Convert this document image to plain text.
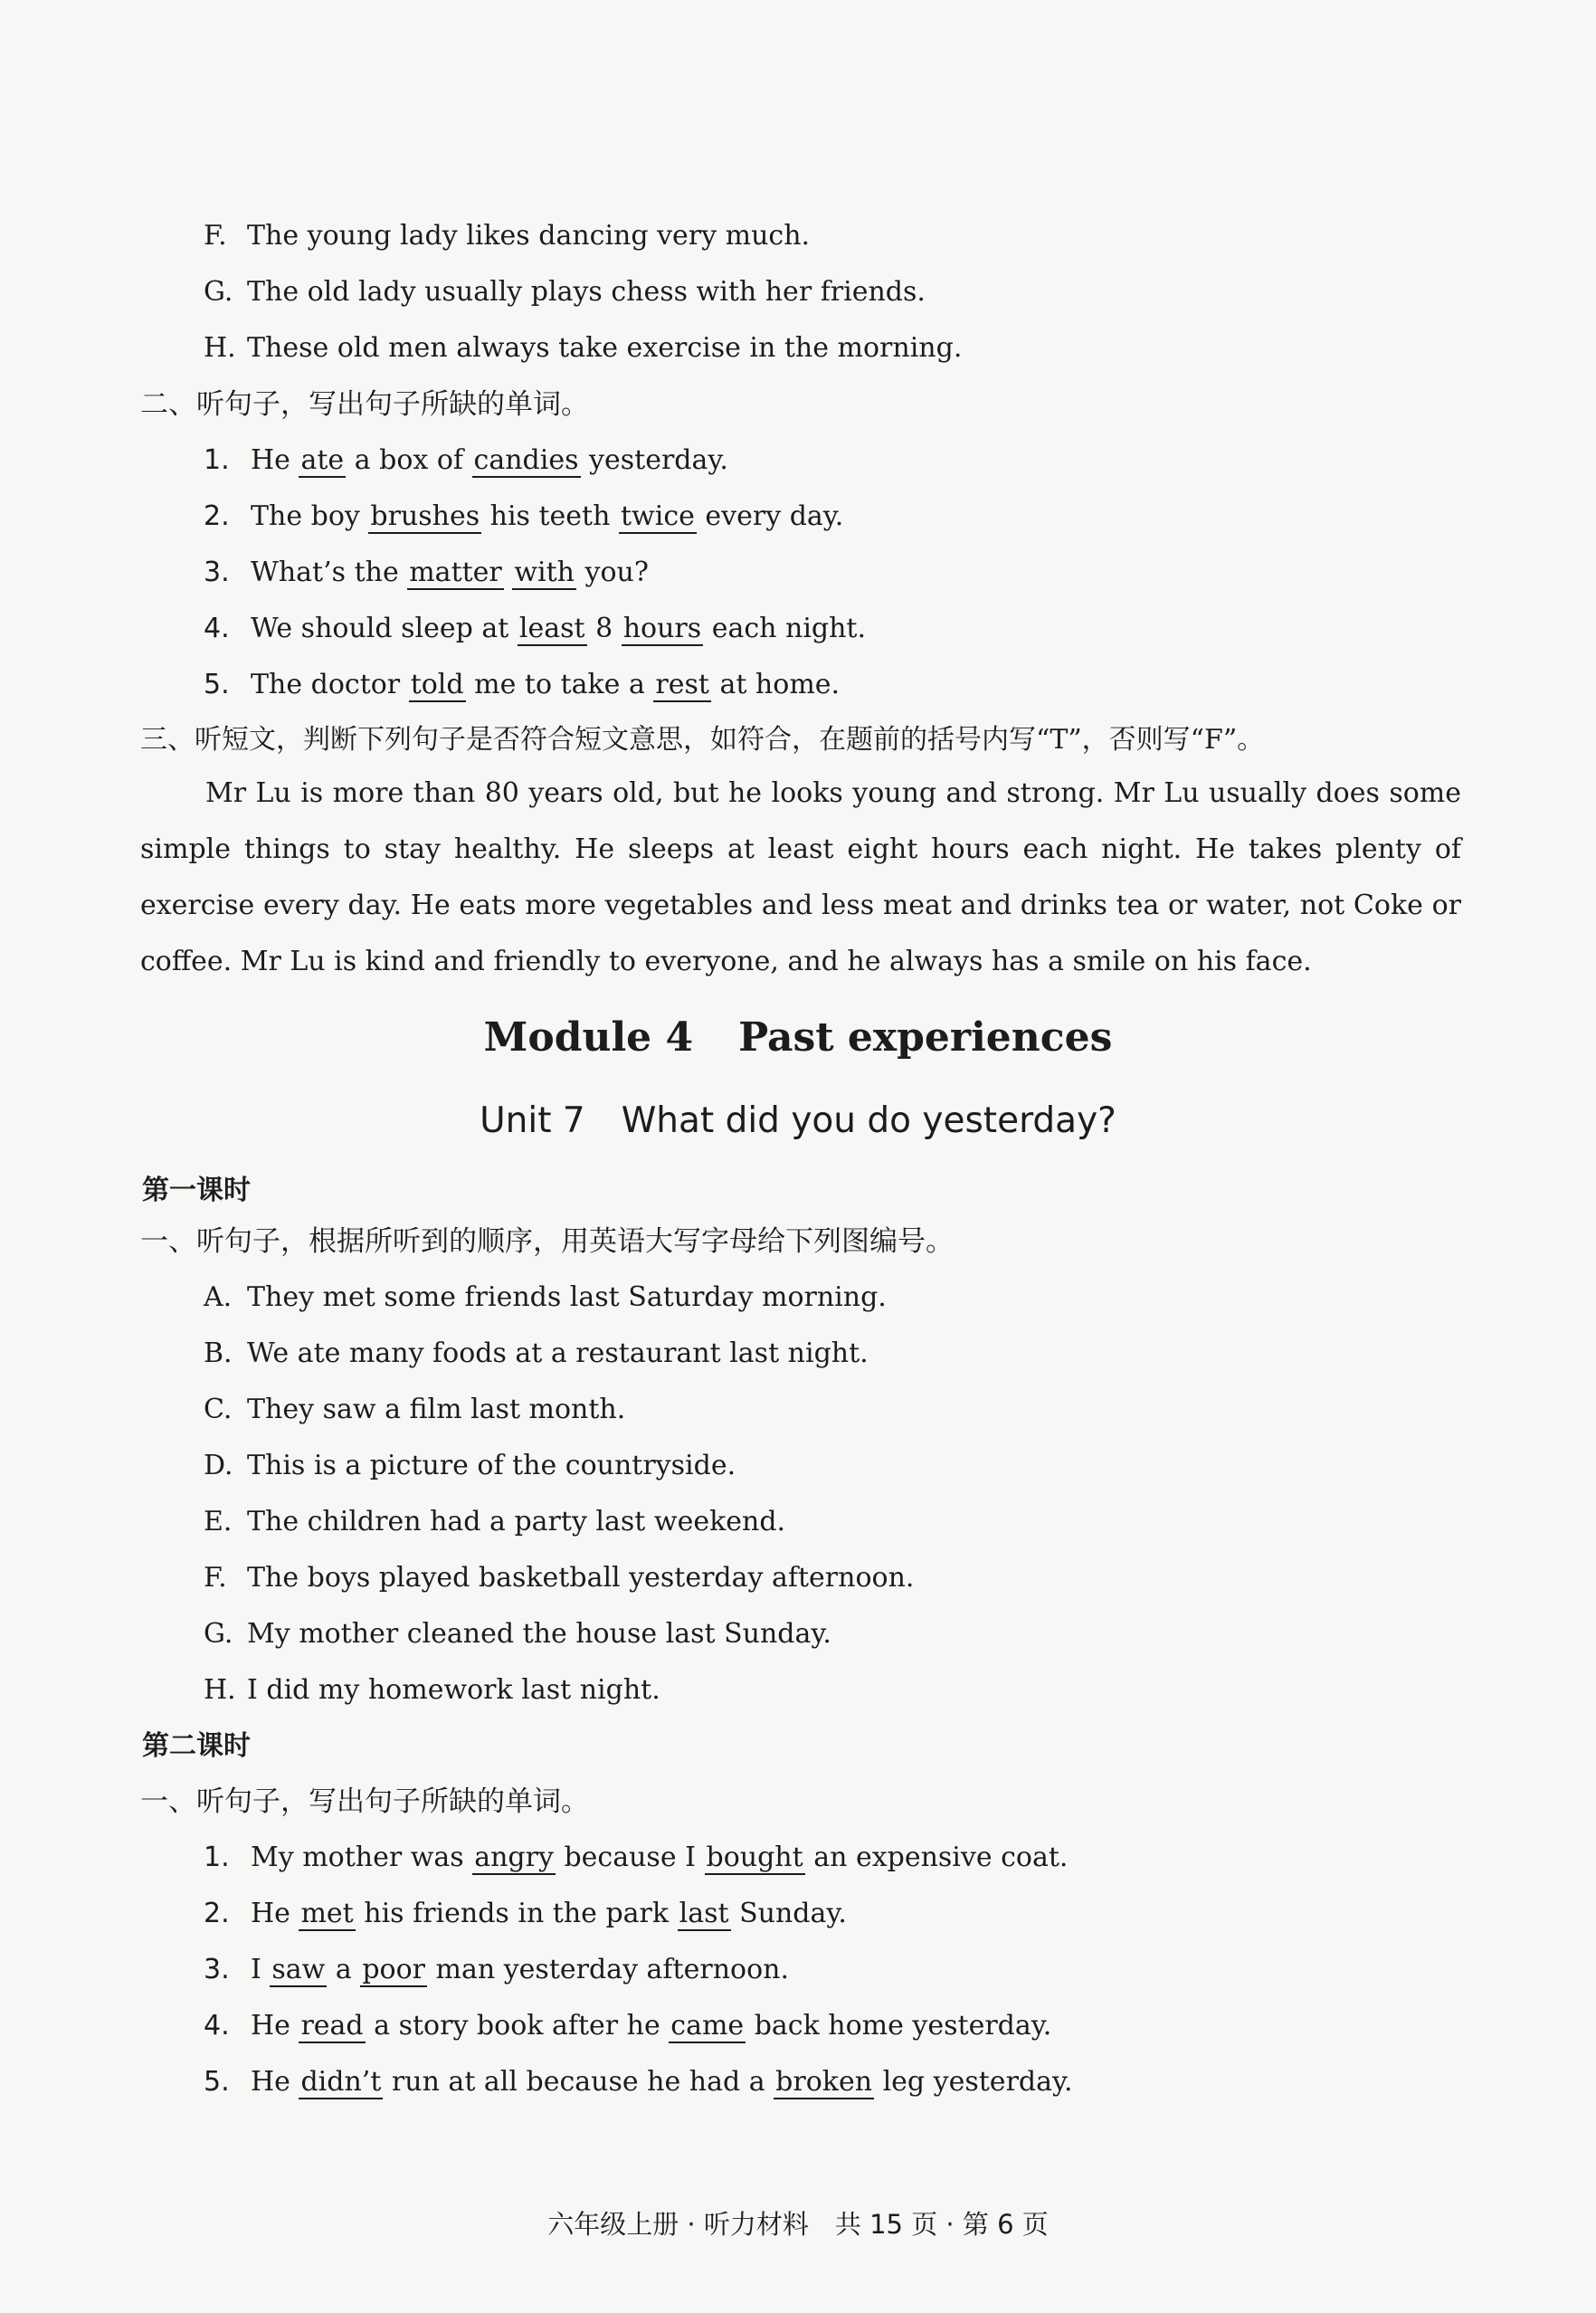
F. The young lady likes dancing very much.
G. The old lady usually plays chess with her friends.
H. These old men always take exercise in the morning.
二、听句子，写出句子所缺的单词。
1. He ate a box of candies yesterday.
2. The boy brushes his teeth twice every day.
3. What’s the matter with you?
4. We should sleep at least 8 hours each night.
5. The doctor told me to take a rest at home.
三、听短文，判断下列句子是否符合短文意思，如符合，在题前的括号内写“T”，否则写“F”。
Mr Lu is more than 80 years old, but he looks young and strong. Mr Lu usually does some simple things to stay healthy. He sleeps at least eight hours each night. He takes plenty of exercise every day. He eats more vegetables and less meat and drinks tea or water, not Coke or coffee. Mr Lu is kind and friendly to everyone, and he always has a smile on his face.
Module 4 Past experiences
Unit 7 What did you do yesterday?
第一课时
一、听句子，根据所听到的顺序，用英语大写字母给下列图编号。
A. They met some friends last Saturday morning.
B. We ate many foods at a restaurant last night.
C. They saw a film last month.
D. This is a picture of the countryside.
E. The children had a party last weekend.
F. The boys played basketball yesterday afternoon.
G. My mother cleaned the house last Sunday.
H. I did my homework last night.
第二课时
一、听句子，写出句子所缺的单词。
1. My mother was angry because I bought an expensive coat.
2. He met his friends in the park last Sunday.
3. I saw a poor man yesterday afternoon.
4. He read a story book after he came back home yesterday.
5. He didn’t run at all because he had a broken leg yesterday.
六年级上册 · 听力材料　共 15 页 · 第 6 页
